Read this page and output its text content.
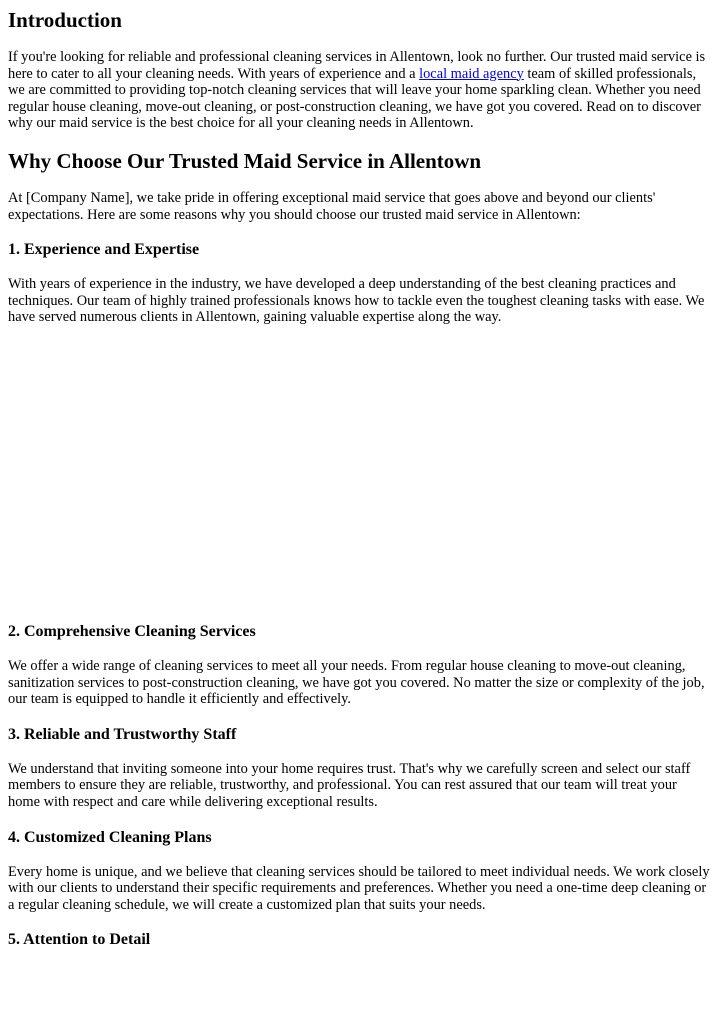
Introduction

If you're looking for reliable and professional cleaning services in Allentown, look no further. Our trusted maid service is here to cater to all your cleaning needs. With years of experience and a local maid agency team of skilled professionals, we are committed to providing top-notch cleaning services that will leave your home sparkling clean. Whether you need regular house cleaning, move-out cleaning, or post-construction cleaning, we have got you covered. Read on to discover why our maid service is the best choice for all your cleaning needs in Allentown.

Why Choose Our Trusted Maid Service in Allentown

At [Company Name], we take pride in offering exceptional maid service that goes above and beyond our clients' expectations. Here are some reasons why you should choose our trusted maid service in Allentown:

1. Experience and Expertise

With years of experience in the industry, we have developed a deep understanding of the best cleaning practices and techniques. Our team of highly trained professionals knows how to tackle even the toughest cleaning tasks with ease. We have served numerous clients in Allentown, gaining valuable expertise along the way.

2. Comprehensive Cleaning Services

We offer a wide range of cleaning services to meet all your needs. From regular house cleaning to move-out cleaning, sanitization services to post-construction cleaning, we have got you covered. No matter the size or complexity of the job, our team is equipped to handle it efficiently and effectively.

3. Reliable and Trustworthy Staff

We understand that inviting someone into your home requires trust. That's why we carefully screen and select our staff members to ensure they are reliable, trustworthy, and professional. You can rest assured that our team will treat your home with respect and care while delivering exceptional results.

4. Customized Cleaning Plans

Every home is unique, and we believe that cleaning services should be tailored to meet individual needs. We work closely with our clients to understand their specific requirements and preferences. Whether you need a one-time deep cleaning or a regular cleaning schedule, we will create a customized plan that suits your needs.

5. Attention to Detail
